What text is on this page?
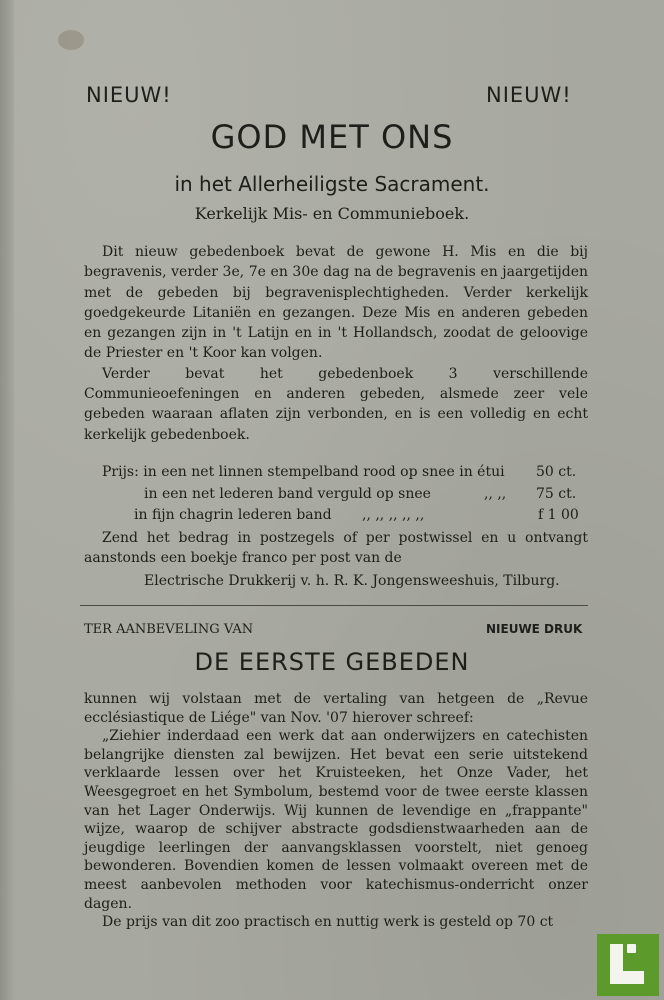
NIEUW!	NIEUW!
GOD MET ONS
in het Allerheiligste Sacrament.
Kerkelijk Mis- en Communieboek.

Dit nieuw gebedenboek bevat de gewone H. Mis en die bij begravenis, verder 3e, 7e en 30e dag na de begravenis en jaargetijden met de gebeden bij begravenisplechtigheden. Verder kerkelijk goedgekeurde Litaniën en gezangen. Deze Mis en anderen gebeden en gezangen zijn in 't Latijn en in 't Hollandsch, zoodat de geloovige de Priester en 't Koor kan volgen.

Verder bevat het gebedenboek 3 verschillende Communieoefeningen en anderen gebeden, alsmede zeer vele gebeden waaraan aflaten zijn verbonden, en is een volledig en echt kerkelijk gebedenboek.

Prijs: in een net linnen stempelband rood op snee in étui 50 ct.
in een net lederen band verguld op snee	,, ,, 75 ct.
in fijn chagrin lederen band ,, ,, ,, ,, ,,	f 1 00

Zend het bedrag in postzegels of per postwissel en u ontvangt aanstonds een boekje franco per post van de

Electrische Drukkerij v. h. R. K. Jongensweeshuis, Tilburg.
TER AANBEVELING VAN	NIEUWE DRUK
DE EERSTE GEBEDEN

kunnen wij volstaan met de vertaling van hetgeen de „Revue ecclésiastique de Liége" van Nov. '07 hierover schreef:

„Ziehier inderdaad een werk dat aan onderwijzers en catechisten belangrijke diensten zal bewijzen. Het bevat een serie uitstekend verklaarde lessen over het Kruisteeken, het Onze Vader, het Weesgegroet en het Symbolum, bestemd voor de twee eerste klassen van het Lager Onderwijs. Wij kunnen de levendige en „frappante" wijze, waarop de schijver abstracte godsdienstwaarheden aan de jeugdige leerlingen der aanvangsklassen voorstelt, niet genoeg bewonderen. Bovendien komen de lessen volmaakt overeen met de meest aanbevolen methoden voor katechismus-onderricht onzer dagen.

De prijs van dit zoo practisch en nuttig werk is gesteld op 70 ct
